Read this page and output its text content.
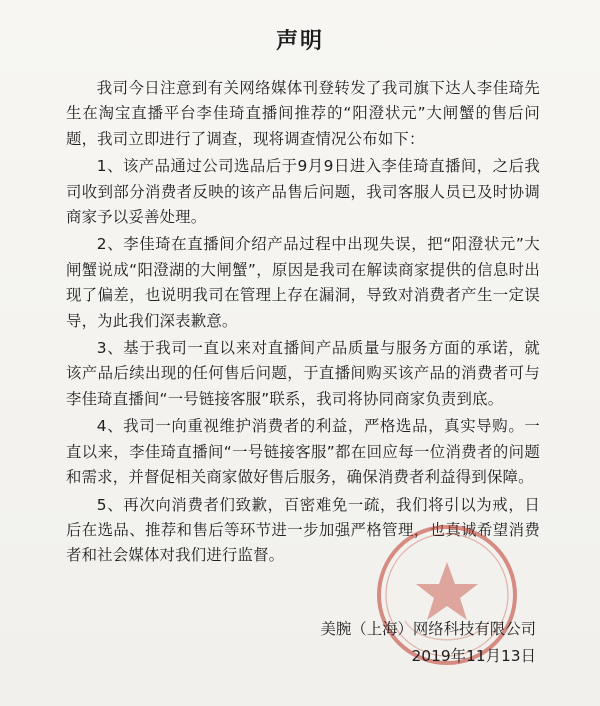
声明

我司今日注意到有关网络媒体刊登转发了我司旗下达人李佳琦先生在淘宝直播平台李佳琦直播间推荐的“阳澄状元”大闸蟹的售后问题，我司立即进行了调查，现将调查情况公布如下：

1、该产品通过公司选品后于9月9日进入李佳琦直播间，之后我司收到部分消费者反映的该产品售后问题，我司客服人员已及时协调商家予以妥善处理。

2、李佳琦在直播间介绍产品过程中出现失误，把“阳澄状元”大闸蟹说成“阳澄湖的大闸蟹”，原因是我司在解读商家提供的信息时出现了偏差，也说明我司在管理上存在漏洞，导致对消费者产生一定误导，为此我们深表歉意。

3、基于我司一直以来对直播间产品质量与服务方面的承诺，就该产品后续出现的任何售后问题，于直播间购买该产品的消费者可与李佳琦直播间“一号链接客服”联系，我司将协同商家负责到底。

4、我司一向重视维护消费者的利益，严格选品，真实导购。一直以来，李佳琦直播间“一号链接客服”都在回应每一位消费者的问题和需求，并督促相关商家做好售后服务，确保消费者利益得到保障。

5、再次向消费者们致歉，百密难免一疏，我们将引以为戒，日后在选品、推荐和售后等环节进一步加强严格管理，也真诚希望消费者和社会媒体对我们进行监督。

美腕（上海）网络科技有限公司
2019年11月13日
